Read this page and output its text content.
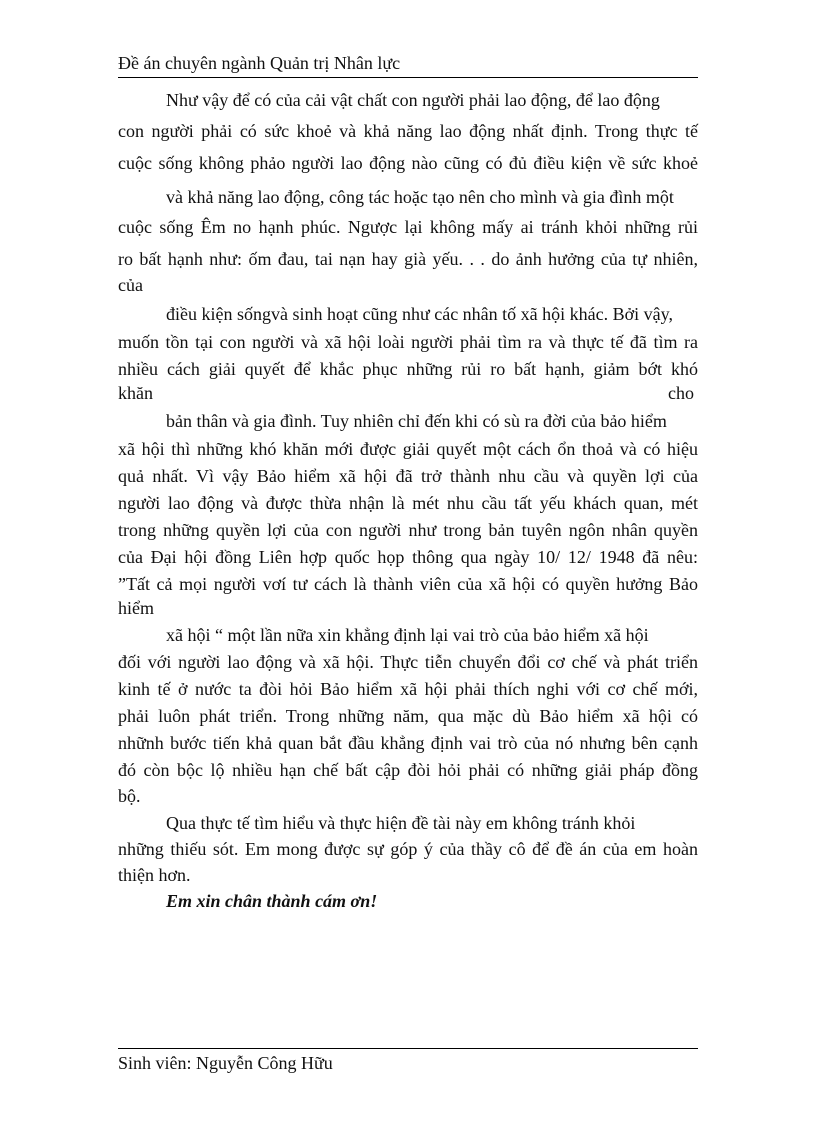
Đề án chuyên ngành Quản trị Nhân lực
Như vậy để có của cải vật chất con người phải lao động, để lao động
con người phải có sức khoẻ và khả năng lao động nhất định. Trong thực tế
cuộc sống không phảo người lao động nào cũng có đủ điều kiện về sức khoẻ
và khả năng lao động, công tác hoặc tạo nên cho mình và gia đình một
cuộc sống Êm no hạnh phúc. Ngược lại không mấy ai tránh khỏi những rủi
ro bất hạnh như: ốm đau, tai nạn hay già yếu. . . do ảnh hưởng của tự nhiên,
của
điều kiện sốngvà sinh hoạt cũng như các nhân tố xã hội khác. Bởi vậy,
muốn tồn tại con người và xã hội loài người phải tìm ra và thực tế đã tìm ra
nhiều cách giải quyết để khắc phục những rủi ro bất hạnh, giảm bớt khó
khăn	cho
bản thân và gia đình. Tuy nhiên chỉ đến khi có sù ra đời của bảo hiểm
xã hội thì những khó khăn mới được giải quyết một cách ổn thoả và có hiệu
quả nhất. Vì vậy Bảo hiểm xã hội đã trở thành nhu cầu và quyền lợi của
người lao động và được thừa nhận là mét nhu cầu tất yếu khách quan, mét
trong những quyền lợi của con người như trong bản tuyên ngôn nhân quyền
của Đại hội đồng Liên hợp quốc họp thông qua ngày 10/ 12/ 1948 đã nêu:
”Tất cả mọi người vơí tư cách là thành viên của xã hội có quyền hưởng Bảo
hiểm
xã hội “ một lần nữa xin khẳng định lại vai trò của bảo hiểm xã hội
đối với người lao động và xã hội. Thực tiễn chuyển đổi cơ chế và phát triển
kinh tế ở nước ta đòi hỏi Bảo hiểm xã hội phải thích nghi với cơ chế mới,
phải luôn phát triển. Trong những năm, qua mặc dù Bảo hiểm xã hội có
nhữnh bước tiến khả quan bắt đầu khẳng định vai trò của nó nhưng bên cạnh
đó còn bộc lộ nhiều hạn chế bất cập đòi hỏi phải có những giải pháp đồng
bộ.
Qua thực tế tìm hiểu và thực hiện đề tài này em không tránh khỏi
những thiếu sót. Em mong được sự góp ý của thầy cô để đề án của em hoàn
thiện hơn.
Em xin chân thành cám ơn!
Sinh viên: Nguyễn Công Hữu
